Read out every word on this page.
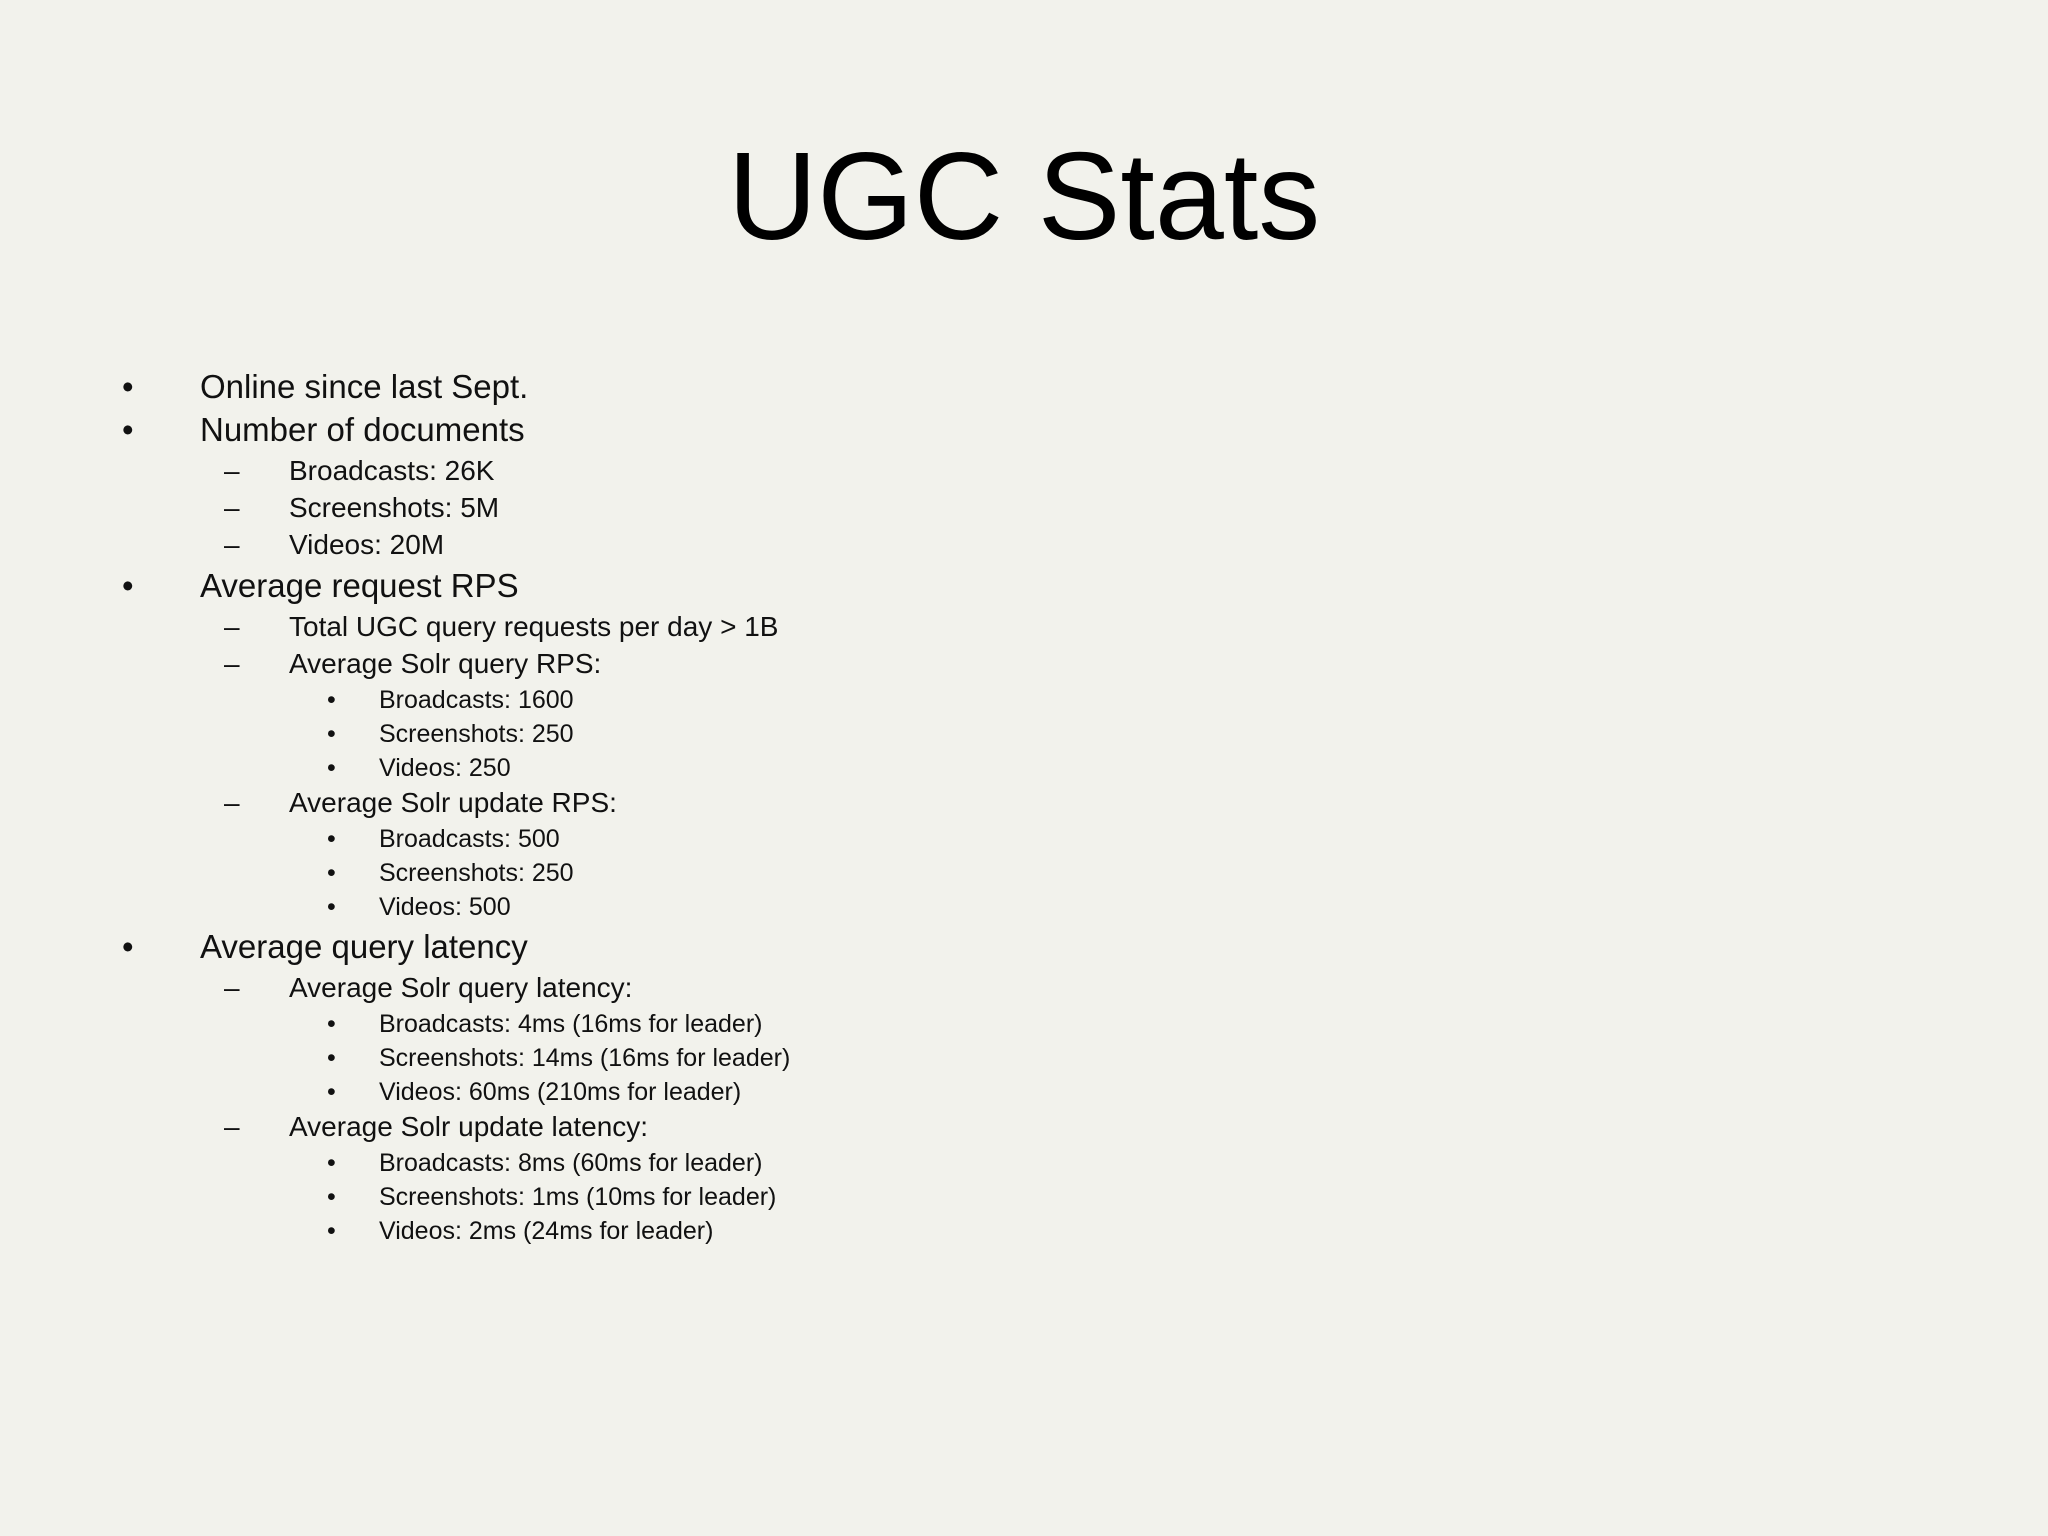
UGC Stats
• Online since last Sept.
• Number of documents
– Broadcasts: 26K
– Screenshots: 5M
– Videos: 20M
• Average request RPS
– Total UGC query requests per day > 1B
– Average Solr query RPS:
• Broadcasts: 1600
• Screenshots: 250
• Videos: 250
– Average Solr update RPS:
• Broadcasts: 500
• Screenshots: 250
• Videos: 500
• Average query latency
– Average Solr query latency:
• Broadcasts: 4ms (16ms for leader)
• Screenshots: 14ms (16ms for leader)
• Videos: 60ms (210ms for leader)
– Average Solr update latency:
• Broadcasts: 8ms (60ms for leader)
• Screenshots: 1ms (10ms for leader)
• Videos: 2ms (24ms for leader)
